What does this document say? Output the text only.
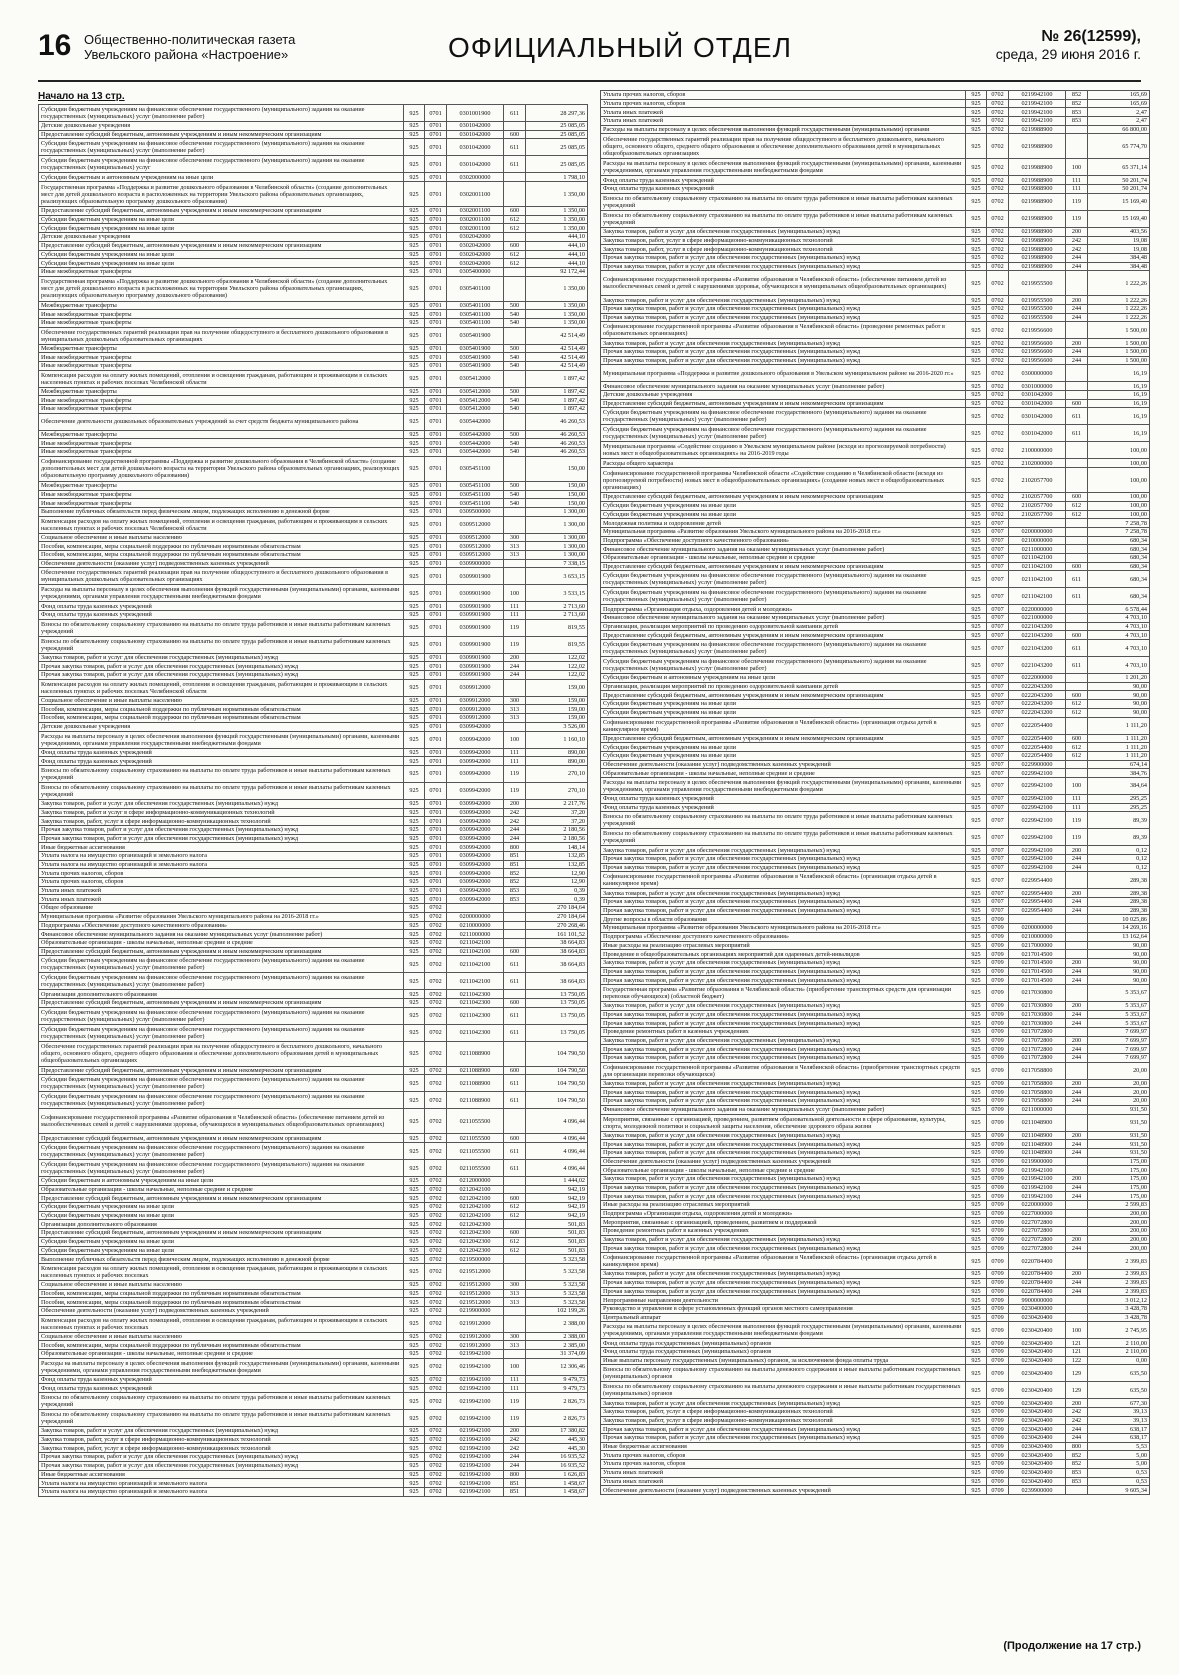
16 Общественно-политическая газета
Увельского района «Настроение»	ОФИЦИАЛЬНЫЙ ОТДЕЛ	№ 26(12599),
среда, 29 июня 2016 г.
Начало на 13 стр.
Субсидии бюджетным учреждениям на финансовое обеспечение государственного (муниципального) задания на оказание государственных (муниципальных) услуг (выполнение работ)	925	0701	0301001900	611	28 297,36
Детские дошкольные учреждения	925	0701	0301042000		25 085,05
Предоставление субсидий бюджетным, автономным учреждениям и иным некоммерческим организациям	925	0701	0301042000	600	25 085,05
Субсидии бюджетным учреждениям на финансовое обеспечение государственного (муниципального) задания на оказание государственных (муниципальных) услуг (выполнение работ)	925	0701	0301042000	611	25 085,05
Субсидии бюджетным учреждениям на финансовое обеспечение государственного (муниципального) задания на оказание государственных (муниципальных) услуг	925	0701	0301042000	611	25 085,05
Субсидии бюджетным и автономным учреждениям на иные цели	925	0701	0302000000		1 798,10
Государственная программа «Поддержка и развитие дошкольного образования в Челябинской области» (создание дополнительных мест для детей дошкольного возраста в расположенных на территории Увельского района образовательных организациях, реализующих образовательную программу дошкольного образования)	925	0701	0302001100		1 350,00
Предоставление субсидий бюджетным, автономным учреждениям и иным некоммерческим организациям	925	0701	0302001100	600	1 350,00
Субсидии бюджетным учреждениям на иные цели	925	0701	0302001100	612	1 350,00
Субсидии бюджетным учреждениям на иные цели	925	0701	0302001100	612	1 350,00
Детские дошкольные учреждения	925	0701	0302042000		444,10
Предоставление субсидий бюджетным, автономным учреждениям и иным некоммерческим организациям	925	0701	0302042000	600	444,10
Субсидии бюджетным учреждениям на иные цели	925	0701	0302042000	612	444,10
Субсидии бюджетным учреждениям на иные цели	925	0701	0302042000	612	444,10
Иные межбюджетные трансферты	925	0701	0305400000		92 172,44
Государственная программа «Поддержка и развитие дошкольного образования в Челябинской области» (создание дополнительных мест для детей дошкольного возраста в расположенных на территории Увельского района образовательных организациях, реализующих образовательную программу дошкольного образования)	925	0701	0305401100		1 350,00
Межбюджетные трансферты	925	0701	0305401100	500	1 350,00
Иные межбюджетные трансферты	925	0701	0305401100	540	1 350,00
Иные межбюджетные трансферты	925	0701	0305401100	540	1 350,00
Обеспечение государственных гарантий реализации прав на получение общедоступного и бесплатного дошкольного образования в муниципальных дошкольных образовательных организациях	925	0701	0305401900		42 514,49
Межбюджетные трансферты	925	0701	0305401900	500	42 514,49
Иные межбюджетные трансферты	925	0701	0305401900	540	42 514,49
Иные межбюджетные трансферты	925	0701	0305401900	540	42 514,49
Компенсация расходов на оплату жилых помещений, отопления и освещения гражданам, работающим и проживающим в сельских населенных пунктах и рабочих поселках Челябинской области	925	0701	0305412000		1 897,42
Межбюджетные трансферты	925	0701	0305412000	500	1 897,42
Иные межбюджетные трансферты	925	0701	0305412000	540	1 897,42
Иные межбюджетные трансферты	925	0701	0305412000	540	1 897,42
Обеспечение деятельности дошкольных образовательных учреждений за счет средств бюджета муниципального района	925	0701	0305442000		46 260,53
Межбюджетные трансферты	925	0701	0305442000	500	46 260,53
Иные межбюджетные трансферты	925	0701	0305442000	540	46 260,53
Иные межбюджетные трансферты	925	0701	0305442000	540	46 260,53
Софинансирование государственной программы «Поддержка и развитие дошкольного образования в Челябинской области» (создание дополнительных мест для детей дошкольного возраста на территории Увельского района образовательных организациях, реализующих образовательную программу дошкольного образования)	925	0701	0305451100		150,00
Межбюджетные трансферты	925	0701	0305451100	500	150,00
Иные межбюджетные трансферты	925	0701	0305451100	540	150,00
Иные межбюджетные трансферты	925	0701	0305451100	540	150,00
Выполнение публичных обязательств перед физическим лицом, подлежащих исполнению в денежной форме	925	0701	0309500000		1 300,00
Компенсация расходов на оплату жилых помещений, отопления и освещения гражданам, работающим и проживающим в сельских населенных пунктах и рабочих поселках Челябинской области	925	0701	0309512000		1 300,00
Социальное обеспечение и иные выплаты населению	925	0701	0309512000	300	1 300,00
Пособия, компенсации, меры социальной поддержки по публичным нормативным обязательствам	925	0701	0309512000	313	1 300,00
Пособия, компенсации, меры социальной поддержки по публичным нормативным обязательствам	925	0701	0309512000	313	1 300,00
Обеспечение деятельности (оказание услуг) подведомственных казенных учреждений	925	0701	0309900000		7 338,15
Обеспечение государственных гарантий реализации прав на получение общедоступного и бесплатного дошкольного образования в муниципальных дошкольных образовательных организациях	925	0701	0309901900		3 653,15
Расходы на выплаты персоналу в целях обеспечения выполнения функций государственными (муниципальными) органами, казенными учреждениями, органами управления государственными внебюджетными фондами	925	0701	0309901900	100	3 533,15
Фонд оплаты труда казенных учреждений	925	0701	0309901900	111	2 713,60
Фонд оплаты труда казенных учреждений	925	0701	0309901900	111	2 713,60
Взносы по обязательному социальному страхованию на выплаты по оплате труда работников и иные выплаты работникам казенных учреждений	925	0701	0309901900	119	819,55
Взносы по обязательному социальному страхованию на выплаты по оплате труда работников и иные выплаты работникам казенных учреждений	925	0701	0309901900	119	819,55
Закупка товаров, работ и услуг для обеспечения государственных (муниципальных) нужд	925	0701	0309901900	200	122,02
Прочая закупка товаров, работ и услуг для обеспечения государственных (муниципальных) нужд	925	0701	0309901900	244	122,02
Прочая закупка товаров, работ и услуг для обеспечения государственных (муниципальных) нужд	925	0701	0309901900	244	122,02
Компенсация расходов на оплату жилых помещений, отопления и освещения гражданам, работающим и проживающим в сельских населенных пунктах и рабочих поселках Челябинской области	925	0701	0309912000		159,00
Социальное обеспечение и иные выплаты населению	925	0701	0309912000	300	159,00
Пособия, компенсации, меры социальной поддержки по публичным нормативным обязательствам	925	0701	0309912000	313	159,00
Пособия, компенсации, меры социальной поддержки по публичным нормативным обязательствам	925	0701	0309912000	313	159,00
Детские дошкольные учреждения	925	0701	0309942000		3 526,00
Расходы на выплаты персоналу в целях обеспечения выполнения функций государственными (муниципальными) органами, казенными учреждениями, органами управления государственными внебюджетными фондами	925	0701	0309942000	100	1 160,10
Фонд оплаты труда казенных учреждений	925	0701	0309942000	111	890,00
Фонд оплаты труда казенных учреждений	925	0701	0309942000	111	890,00
Взносы по обязательному социальному страхованию на выплаты по оплате труда работников и иные выплаты работникам казенных учреждений	925	0701	0309942000	119	270,10
Взносы по обязательному социальному страхованию на выплаты по оплате труда работников и иные выплаты работникам казенных учреждений	925	0701	0309942000	119	270,10
Закупка товаров, работ и услуг для обеспечения государственных (муниципальных) нужд	925	0701	0309942000	200	2 217,76
Закупка товаров, работ и услуг в сфере информационно-коммуникационных технологий	925	0701	0309942000	242	37,20
Закупка товаров, работ, услуг в сфере информационно-коммуникационных технологий	925	0701	0309942000	242	37,20
Прочая закупка товаров, работ и услуг для обеспечения государственных (муниципальных) нужд	925	0701	0309942000	244	2 180,56
Прочая закупка товаров, работ и услуг для обеспечения государственных (муниципальных) нужд	925	0701	0309942000	244	2 180,56
Иные бюджетные ассигнования	925	0701	0309942000	800	148,14
Уплата налога на имущество организаций и земельного налога	925	0701	0309942000	851	132,85
Уплата налога на имущество организаций и земельного налога	925	0701	0309942000	851	132,85
Уплата прочих налогов, сборов	925	0701	0309942000	852	12,90
Уплата прочих налогов, сборов	925	0701	0309942000	852	12,90
Уплата иных платежей	925	0701	0309942000	853	0,39
Уплата иных платежей	925	0701	0309942000	853	0,39
Общее образование	925	0702			270 184,64
Муниципальная программа «Развитие образования Увельского муниципального района на 2016-2018 гг.»	925	0702	0200000000		270 184,64
Подпрограмма «Обеспечение доступного качественного образования»	925	0702	0210000000		270 268,46
Финансовое обеспечение муниципального задания на оказание муниципальных услуг (выполнение работ)	925	0702	0211000000		161 101,52
Образовательные организации - школы начальные, неполные средние и средние	925	0702	0211042100		38 664,83
Предоставление субсидий бюджетным, автономным учреждениям и иным некоммерческим организациям	925	0702	0211042100	600	38 664,83
Субсидии бюджетным учреждениям на финансовое обеспечение государственного (муниципального) задания на оказание государственных (муниципальных) услуг (выполнение работ)	925	0702	0211042100	611	38 664,83
Субсидии бюджетным учреждениям на финансовое обеспечение государственного (муниципального) задания на оказание государственных (муниципальных) услуг (выполнение работ)	925	0702	0211042100	611	38 664,83
Организации дополнительного образования	925	0702	0211042300		13 750,05
Предоставление субсидий бюджетным, автономным учреждениям и иным некоммерческим организациям	925	0702	0211042300	600	13 750,05
Субсидии бюджетным учреждениям на финансовое обеспечение государственного (муниципального) задания на оказание государственных (муниципальных) услуг (выполнение работ)	925	0702	0211042300	611	13 750,05
Субсидии бюджетным учреждениям на финансовое обеспечение государственного (муниципального) задания на оказание государственных (муниципальных) услуг (выполнение работ)	925	0702	0211042300	611	13 750,05
Обеспечение государственных гарантий реализации прав на получение общедоступного и бесплатного дошкольного, начального общего, основного общего, среднего общего образования и обеспечение дополнительного образования детей в муниципальных общеобразовательных организациях	925	0702	0211088900		104 790,50
Предоставление субсидий бюджетным, автономным учреждениям и иным некоммерческим организациям	925	0702	0211088900	600	104 790,50
Субсидии бюджетным учреждениям на финансовое обеспечение государственного (муниципального) задания на оказание государственных (муниципальных) услуг (выполнение работ)	925	0702	0211088900	611	104 790,50
Субсидии бюджетным учреждениям на финансовое обеспечение государственного (муниципального) задания на оказание государственных (муниципальных) услуг (выполнение работ)	925	0702	0211088900	611	104 790,50
Софинансирование государственной программы «Развитие образования в Челябинской области» (обеспечение питанием детей из малообеспеченных семей и детей с нарушениями здоровья, обучающихся в муниципальных общеобразовательных организациях)	925	0702	0211055500		4 096,44
Предоставление субсидий бюджетным, автономным учреждениям и иным некоммерческим организациям	925	0702	0211055500	600	4 096,44
Субсидии бюджетным учреждениям на финансовое обеспечение государственного (муниципального) задания на оказание государственных (муниципальных) услуг (выполнение работ)	925	0702	0211055500	611	4 096,44
Субсидии бюджетным учреждениям на финансовое обеспечение государственного (муниципального) задания на оказание государственных (муниципальных) услуг (выполнение работ)	925	0702	0211055500	611	4 096,44
Субсидии бюджетным и автономным учреждениям на иные цели	925	0702	0212000000		1 444,02
Образовательные организации - школы начальные, неполные средние и средние	925	0702	0212042100		942,19
Предоставление субсидий бюджетным, автономным учреждениям и иным некоммерческим организациям	925	0702	0212042100	600	942,19
Субсидии бюджетным учреждениям на иные цели	925	0702	0212042100	612	942,19
Субсидии бюджетным учреждениям на иные цели	925	0702	0212042100	612	942,19
Организации дополнительного образования	925	0702	0212042300		501,83
Предоставление субсидий бюджетным, автономным учреждениям и иным некоммерческим организациям	925	0702	0212042300	600	501,83
Субсидии бюджетным учреждениям на иные цели	925	0702	0212042300	612	501,83
Субсидии бюджетным учреждениям на иные цели	925	0702	0212042300	612	501,83
Выполнение публичных обязательств перед физическим лицом, подлежащих исполнению в денежной форме	925	0702	0219500000		5 323,58
Компенсация расходов на оплату жилых помещений, отопления и освещения гражданам, работающим и проживающим в сельских населенных пунктах и рабочих поселках	925	0702	0219512000		5 323,58
Социальное обеспечение и иные выплаты населению	925	0702	0219512000	300	5 323,58
Пособия, компенсации, меры социальной поддержки по публичным нормативным обязательствам	925	0702	0219512000	313	5 323,58
Пособия, компенсации, меры социальной поддержки по публичным нормативным обязательствам	925	0702	0219512000	313	5 323,58
Обеспечение деятельности (оказание услуг) подведомственных казенных учреждений	925	0702	0219900000		102 199,26
Компенсация расходов на оплату жилых помещений, отопления и освещения гражданам, работающим и проживающим в сельских населенных пунктах и рабочих поселках	925	0702	0219912000		2 388,00
Социальное обеспечение и иные выплаты населению	925	0702	0219912000	300	2 388,00
Пособия, компенсации, меры социальной поддержки по публичным нормативным обязательствам	925	0702	0219912000	313	2 385,00
Образовательные организации - школы начальные, неполные средние и средние	925	0702	0219942100		31 374,09
Расходы на выплаты персоналу в целях обеспечения выполнения функций государственными (муниципальными) органами, казенными учреждениями, органами управления государственными внебюджетными фондами	925	0702	0219942100	100	12 306,46
Фонд оплаты труда казенных учреждений	925	0702	0219942100	111	9 479,73
Фонд оплаты труда казенных учреждений	925	0702	0219942100	111	9 479,73
Взносы по обязательному социальному страхованию на выплаты по оплате труда работников и иные выплаты работникам казенных учреждений	925	0702	0219942100	119	2 826,73
Взносы по обязательному социальному страхованию на выплаты по оплате труда работников и иные выплаты работникам казенных учреждений	925	0702	0219942100	119	2 826,73
Закупка товаров, работ и услуг для обеспечения государственных (муниципальных) нужд	925	0702	0219942100	200	17 380,82
Закупка товаров, работ, услуг в сфере информационно-коммуникационных технологий	925	0702	0219942100	242	445,30
Закупка товаров, работ, услуг в сфере информационно-коммуникационных технологий	925	0702	0219942100	242	445,30
Прочая закупка товаров, работ и услуг для обеспечения государственных (муниципальных) нужд	925	0702	0219942100	244	16 935,52
Прочая закупка товаров, работ и услуг для обеспечения государственных (муниципальных) нужд	925	0702	0219942100	244	16 935,52
Иные бюджетные ассигнования	925	0702	0219942100	800	1 626,83
Уплата налога на имущество организаций и земельного налога	925	0702	0219942100	851	1 458,67
Уплата налога на имущество организаций и земельного налога	925	0702	0219942100	851	1 458,67
Уплата прочих налогов, сборов	925	0702	0219942100	852	165,69
Уплата прочих налогов, сборов	925	0702	0219942100	852	165,69
Уплата иных платежей	925	0702	0219942100	853	2,47
Уплата иных платежей	925	0702	0219942100	853	2,47
Расходы на выплаты персоналу в целях обеспечения выполнения функций государственными (муниципальными) органами	925	0702	0219988900		66 800,00
Обеспечение государственных гарантий реализации прав на получение общедоступного и бесплатного дошкольного, начального общего, основного общего, среднего общего образования и обеспечение дополнительного образования детей в муниципальных общеобразовательных организациях	925	0702	0219988900		65 774,70
Расходы на выплаты персоналу в целях обеспечения выполнения функций государственными (муниципальными) органами, казенными учреждениями, органами управления государственными внебюджетными фондами	925	0702	0219988900	100	65 371,14
Фонд оплаты труда казенных учреждений	925	0702	0219988900	111	50 201,74
Фонд оплаты труда казенных учреждений	925	0702	0219988900	111	50 201,74
Взносы по обязательному социальному страхованию на выплаты по оплате труда работников и иные выплаты работникам казенных учреждений	925	0702	0219988900	119	15 169,40
Взносы по обязательному социальному страхованию на выплаты по оплате труда работников и иные выплаты работникам казенных учреждений	925	0702	0219988900	119	15 169,40
Закупка товаров, работ и услуг для обеспечения государственных (муниципальных) нужд	925	0702	0219988900	200	403,56
Закупка товаров, работ, услуг в сфере информационно-коммуникационных технологий	925	0702	0219988900	242	19,08
Закупка товаров, работ, услуг в сфере информационно-коммуникационных технологий	925	0702	0219988900	242	19,08
Прочая закупка товаров, работ и услуг для обеспечения государственных (муниципальных) нужд	925	0702	0219988900	244	384,48
Прочая закупка товаров, работ и услуг для обеспечения государственных (муниципальных) нужд	925	0702	0219988900	244	384,48
Софинансирование государственной программы «Развитие образования в Челябинской области» (обеспечение питанием детей из малообеспеченных семей и детей с нарушениями здоровья, обучающихся в муниципальных общеобразовательных организациях)	925	0702	0219955500		1 222,26
Закупка товаров, работ и услуг для обеспечения государственных (муниципальных) нужд	925	0702	0219955500	200	1 222,26
Прочая закупка товаров, работ и услуг для обеспечения государственных (муниципальных) нужд	925	0702	0219955500	244	1 222,26
Прочая закупка товаров, работ и услуг для обеспечения государственных (муниципальных) нужд	925	0702	0219955500	244	1 222,26
Софинансирование государственной программы «Развитие образования в Челябинской области» (проведение ремонтных работ в образовательных организациях)	925	0702	0219956600		1 500,00
Закупка товаров, работ и услуг для обеспечения государственных (муниципальных) нужд	925	0702	0219956600	200	1 500,00
Прочая закупка товаров, работ и услуг для обеспечения государственных (муниципальных) нужд	925	0702	0219956600	244	1 500,00
Прочая закупка товаров, работ и услуг для обеспечения государственных (муниципальных) нужд	925	0702	0219956600	244	1 500,00
Муниципальная программа «Поддержка и развитие дошкольного образования в Увельском муниципальном районе на 2016-2020 гг.»	925	0702	0300000000		16,19
Финансовое обеспечение муниципального задания на оказание муниципальных услуг (выполнение работ)	925	0702	0301000000		16,19
Детские дошкольные учреждения	925	0702	0301042000		16,19
Предоставление субсидий бюджетным, автономным учреждениям и иным некоммерческим организациям	925	0702	0301042000	600	16,19
Субсидии бюджетным учреждениям на финансовое обеспечение государственного (муниципального) задания на оказание государственных (муниципальных) услуг (выполнение работ)	925	0702	0301042000	611	16,19
Субсидии бюджетным учреждениям на финансовое обеспечение государственного (муниципального) задания на оказание государственных (муниципальных) услуг (выполнение работ)	925	0702	0301042000	611	16,19
Муниципальная программа «Содействие созданию в Увельском муниципальном районе (исходя из прогнозируемой потребности) новых мест в общеобразовательных организациях» на 2016-2019 годы	925	0702	2100000000		100,00
Расходы общего характера	925	0702	2102000000		100,00
Софинансирование государственной программы Челябинской области «Содействие созданию в Челябинской области (исходя из прогнозируемой потребности) новых мест в общеобразовательных организациях» (создание новых мест в общеобразовательных организациях)	925	0702	2102057700		100,00
Предоставление субсидий бюджетным, автономным учреждениям и иным некоммерческим организациям	925	0702	2102057700	600	100,00
Субсидии бюджетным учреждениям на иные цели	925	0702	2102057700	612	100,00
Субсидии бюджетным учреждениям на иные цели	925	0702	2102057700	612	100,00
Молодежная политика и оздоровление детей	925	0707			7 258,78
Муниципальная программа «Развитие образования Увельского муниципального района на 2016-2018 гг.»	925	0707	0200000000		7 258,78
Подпрограмма «Обеспечение доступного качественного образования»	925	0707	0210000000		680,34
Финансовое обеспечение муниципального задания на оказание муниципальных услуг (выполнение работ)	925	0707	0211000000		680,34
Образовательные организации - школы начальные, неполные средние и средние	925	0707	0211042100		680,34
Предоставление субсидий бюджетным, автономным учреждениям и иным некоммерческим организациям	925	0707	0211042100	600	680,34
Субсидии бюджетным учреждениям на финансовое обеспечение государственного (муниципального) задания на оказание государственных (муниципальных) услуг (выполнение работ)	925	0707	0211042100	611	680,34
Субсидии бюджетным учреждениям на финансовое обеспечение государственного (муниципального) задания на оказание государственных (муниципальных) услуг (выполнение работ)	925	0707	0211042100	611	680,34
Подпрограмма «Организация отдыха, оздоровления детей и молодежи»	925	0707	0220000000		6 578,44
Финансовое обеспечение муниципального задания на оказание муниципальных услуг (выполнение работ)	925	0707	0221000000		4 703,10
Организация, реализация мероприятий по проведению оздоровительной кампании детей	925	0707	0221043200		4 703,10
Предоставление субсидий бюджетным, автономным учреждениям и иным некоммерческим организациям	925	0707	0221043200	600	4 703,10
Субсидии бюджетным учреждениям на финансовое обеспечение государственного (муниципального) задания на оказание государственных (муниципальных) услуг (выполнение работ)	925	0707	0221043200	611	4 703,10
Субсидии бюджетным учреждениям на финансовое обеспечение государственного (муниципального) задания на оказание государственных (муниципальных) услуг (выполнение работ)	925	0707	0221043200	611	4 703,10
Субсидии бюджетным и автономным учреждениям на иные цели	925	0707	0222000000		1 201,20
Организация, реализация мероприятий по проведению оздоровительной кампании детей	925	0707	0222043200		90,00
Предоставление субсидий бюджетным, автономным учреждениям и иным некоммерческим организациям	925	0707	0222043200	600	90,00
Субсидии бюджетным учреждениям на иные цели	925	0707	0222043200	612	90,00
Субсидии бюджетным учреждениям на иные цели	925	0707	0222043200	612	90,00
Софинансирование государственной программы «Развитие образования в Челябинской области» (организация отдыха детей в каникулярное время)	925	0707	0222054400		1 111,20
Предоставление субсидий бюджетным, автономным учреждениям и иным некоммерческим организациям	925	0707	0222054400	600	1 111,20
Субсидии бюджетным учреждениям на иные цели	925	0707	0222054400	612	1 111,20
Субсидии бюджетным учреждениям на иные цели	925	0707	0222054400	612	1 111,20
Обеспечение деятельности (оказание услуг) подведомственных казенных учреждений	925	0707	0229900000		674,14
Образовательные организации - школы начальные, неполные средние и средние	925	0707	0229942100		384,76
Расходы на выплаты персоналу в целях обеспечения выполнения функций государственными (муниципальными) органами, казенными учреждениями, органами управления государственными внебюджетными фондами	925	0707	0229942100	100	384,64
Фонд оплаты труда казенных учреждений	925	0707	0229942100	111	295,25
Фонд оплаты труда казенных учреждений	925	0707	0229942100	111	295,25
Взносы по обязательному социальному страхованию на выплаты по оплате труда работников и иные выплаты работникам казенных учреждений	925	0707	0229942100	119	89,39
Взносы по обязательному социальному страхованию на выплаты по оплате труда работников и иные выплаты работникам казенных учреждений	925	0707	0229942100	119	89,39
Закупка товаров, работ и услуг для обеспечения государственных (муниципальных) нужд	925	0707	0229942100	200	0,12
Прочая закупка товаров, работ и услуг для обеспечения государственных (муниципальных) нужд	925	0707	0229942100	244	0,12
Прочая закупка товаров, работ и услуг для обеспечения государственных (муниципальных) нужд	925	0707	0229942100	244	0,12
Софинансирование государственной программы «Развитие образования в Челябинской области» (организация отдыха детей в каникулярное время)	925	0707	0229954400		289,38
Закупка товаров, работ и услуг для обеспечения государственных (муниципальных) нужд	925	0707	0229954400	200	289,38
Прочая закупка товаров, работ и услуг для обеспечения государственных (муниципальных) нужд	925	0707	0229954400	244	289,38
Прочая закупка товаров, работ и услуг для обеспечения государственных (муниципальных) нужд	925	0707	0229954400	244	289,38
Другие вопросы в области образования	925	0709			10 025,86
Муниципальная программа «Развитие образования Увельского муниципального района на 2016-2018 гг.»	925	0709	0200000000		14 269,16
Подпрограмма «Обеспечение доступного качественного образования»	925	0709	0210000000		13 162,64
Иные расходы на реализацию отраслевых мероприятий	925	0709	0217000000		90,00
Проведение в общеобразовательных организациях мероприятий для одаренных детей-инвалидов	925	0709	0217014500		90,00
Закупка товаров, работ и услуг для обеспечения государственных (муниципальных) нужд	925	0709	0217014500	200	90,00
Прочая закупка товаров, работ и услуг для обеспечения государственных (муниципальных) нужд	925	0709	0217014500	244	90,00
Прочая закупка товаров, работ и услуг для обеспечения государственных (муниципальных) нужд	925	0709	0217014500	244	90,00
Государственная программа «Развитие образования в Челябинской области» (приобретение транспортных средств для организации перевозки обучающихся) (областной бюджет)	925	0709	0217030800		5 353,67
Закупка товаров, работ и услуг для обеспечения государственных (муниципальных) нужд	925	0709	0217030800	200	5 353,67
Прочая закупка товаров, работ и услуг для обеспечения государственных (муниципальных) нужд	925	0709	0217030800	244	5 353,67
Прочая закупка товаров, работ и услуг для обеспечения государственных (муниципальных) нужд	925	0709	0217030800	244	5 353,67
Проведение ремонтных работ в казенных учреждениях	925	0709	0217072800		7 699,97
Закупка товаров, работ и услуг для обеспечения государственных (муниципальных) нужд	925	0709	0217072800	200	7 699,97
Прочая закупка товаров, работ и услуг для обеспечения государственных (муниципальных) нужд	925	0709	0217072800	244	7 699,97
Прочая закупка товаров, работ и услуг для обеспечения государственных (муниципальных) нужд	925	0709	0217072800	244	7 699,97
Софинансирование государственной программы «Развитие образования в Челябинской области» (приобретение транспортных средств для организации перевозки обучающихся)	925	0709	0217058800		20,00
Закупка товаров, работ и услуг для обеспечения государственных (муниципальных) нужд	925	0709	0217058800	200	20,00
Прочая закупка товаров, работ и услуг для обеспечения государственных (муниципальных) нужд	925	0709	0217058800	244	20,00
Прочая закупка товаров, работ и услуг для обеспечения государственных (муниципальных) нужд	925	0709	0217058800	244	20,00
Финансовое обеспечение муниципального задания на оказание муниципальных услуг (выполнение работ)	925	0709	0211000000		931,50
Мероприятия, связанные с организацией, проведением, развитием образовательной деятельности в сфере образования, культуры, спорта, молодежной политики и социальной защиты населения, обеспечение здорового образа жизни	925	0709	0211048900		931,50
Закупка товаров, работ и услуг для обеспечения государственных (муниципальных) нужд	925	0709	0211048900	200	931,50
Прочая закупка товаров, работ и услуг для обеспечения государственных (муниципальных) нужд	925	0709	0211048900	244	931,50
Прочая закупка товаров, работ и услуг для обеспечения государственных (муниципальных) нужд	925	0709	0211048900	244	931,50
Обеспечение деятельности (оказание услуг) подведомственных казенных учреждений	925	0709	0219900000		175,00
Образовательные организации - школы начальные, неполные средние и средние	925	0709	0219942100		175,00
Закупка товаров, работ и услуг для обеспечения государственных (муниципальных) нужд	925	0709	0219942100	200	175,00
Прочая закупка товаров, работ и услуг для обеспечения государственных (муниципальных) нужд	925	0709	0219942100	244	175,00
Прочая закупка товаров, работ и услуг для обеспечения государственных (муниципальных) нужд	925	0709	0219942100	244	175,00
Иные расходы на реализацию отраслевых мероприятий	925	0709	0220000000		2 599,83
Подпрограмма «Организация отдыха, оздоровления детей и молодежи»	925	0709	0227000000		200,00
Мероприятия, связанные с организацией, проведением, развитием и поддержкой	925	0709	0227072800		200,00
Проведение ремонтных работ в казенных учреждениях	925	0709	0227072800		200,00
Закупка товаров, работ и услуг для обеспечения государственных (муниципальных) нужд	925	0709	0227072800	200	200,00
Прочая закупка товаров, работ и услуг для обеспечения государственных (муниципальных) нужд	925	0709	0227072800	244	200,00
Софинансирование государственной программы «Развитие образования в Челябинской области» (организация отдыха детей в каникулярное время)	925	0709	0220784400		2 399,83
Закупка товаров, работ и услуг для обеспечения государственных (муниципальных) нужд	925	0709	0220784400	200	2 399,83
Прочая закупка товаров, работ и услуг для обеспечения государственных (муниципальных) нужд	925	0709	0220784400	244	2 399,83
Прочая закупка товаров, работ и услуг для обеспечения государственных (муниципальных) нужд	925	0709	0220784400	244	2 399,83
Непрограммные направления деятельности	925	0709	9900000000		3 012,12
Руководство и управление в сфере установленных функций органов местного самоуправления	925	0709	0230400000		3 428,78
Центральный аппарат	925	0709	0230420400		3 428,78
Расходы на выплаты персоналу в целях обеспечения выполнения функций государственными (муниципальными) органами, казенными учреждениями, органами управления государственными внебюджетными фондами	925	0709	0230420400	100	2 745,95
Фонд оплаты труда государственных (муниципальных) органов	925	0709	0230420400	121	2 110,00
Фонд оплаты труда государственных (муниципальных) органов	925	0709	0230420400	121	2 110,00
Иные выплаты персоналу государственных (муниципальных) органов, за исключением фонда оплаты труда	925	0709	0230420400	122	0,00
Взносы по обязательному социальному страхованию на выплаты денежного содержания и иные выплаты работникам государственных (муниципальных) органов	925	0709	0230420400	129	635,50
Взносы по обязательному социальному страхованию на выплаты денежного содержания и иные выплаты работникам государственных (муниципальных) органов	925	0709	0230420400	129	635,50
Закупка товаров, работ и услуг для обеспечения государственных (муниципальных) нужд	925	0709	0230420400	200	677,30
Закупка товаров, работ, услуг в сфере информационно-коммуникационных технологий	925	0709	0230420400	242	39,13
Закупка товаров, работ, услуг в сфере информационно-коммуникационных технологий	925	0709	0230420400	242	39,13
Прочая закупка товаров, работ и услуг для обеспечения государственных (муниципальных) нужд	925	0709	0230420400	244	638,17
Прочая закупка товаров, работ и услуг для обеспечения государственных (муниципальных) нужд	925	0709	0230420400	244	638,17
Иные бюджетные ассигнования	925	0709	0230420400	800	5,53
Уплата прочих налогов, сборов	925	0709	0230420400	852	5,00
Уплата прочих налогов, сборов	925	0709	0230420400	852	5,00
Уплата иных платежей	925	0709	0230420400	853	0,53
Уплата иных платежей	925	0709	0230420400	853	0,53
Обеспечение деятельности (оказание услуг) подведомственных казенных учреждений	925	0709	0239900000		9 605,34
(Продолжение на 17 стр.)
